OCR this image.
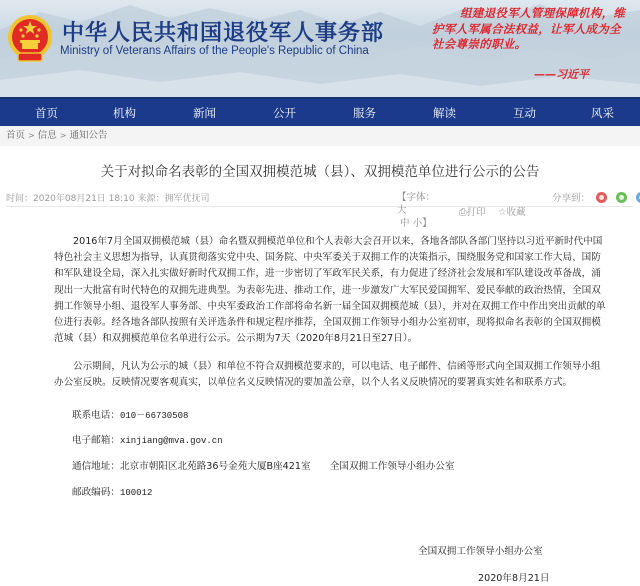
中华人民共和国退役军人事务部
Ministry of Veterans Affairs of the People's Republic of China
组建退役军人管理保障机构，维护军人军属合法权益，让军人成为全社会尊崇的职业。
——习近平
首页	机构	新闻	公开	服务	解读	互动	风采
首页 > 信息 > 通知公告
关于对拟命名表彰的全国双拥模范城（县）、双拥模范单位进行公示的公告
时间：2020年08月21日 18:10 来源：拥军优抚司	【字体：大
中 小】
⎙打印 ☆收藏
分享到：
2016年7月全国双拥模范城（县）命名暨双拥模范单位和个人表彰大会召开以来，各地各部队各部门坚持以习近平新时代中国特色社会主义思想为指导，认真贯彻落实党中央、国务院、中央军委关于双拥工作的决策指示，围绕服务党和国家工作大局、国防和军队建设全局，深入扎实做好新时代双拥工作，进一步密切了军政军民关系，有力促进了经济社会发展和军队建设改革备战，涌现出一大批富有时代特色的双拥先进典型。为表彰先进、推动工作，进一步激发广大军民爱国拥军、爱民奉献的政治热情，全国双拥工作领导小组、退役军人事务部、中央军委政治工作部将命名新一届全国双拥模范城（县），并对在双拥工作中作出突出贡献的单位进行表彰。经各地各部队按照有关评选条件和规定程序推荐，全国双拥工作领导小组办公室初审，现将拟命名表彰的全国双拥模范城（县）和双拥模范单位名单进行公示。公示期为7天（2020年8月21日至27日）。
公示期间，凡认为公示的城（县）和单位不符合双拥模范要求的，可以电话、电子邮件、信函等形式向全国双拥工作领导小组办公室反映。反映情况要客观真实，以单位名义反映情况的要加盖公章，以个人名义反映情况的要署真实姓名和联系方式。
联系电话：010－66730508
电子邮箱：xinjiang@mva.gov.cn
通信地址：北京市朝阳区北苑路36号金苑大厦B座421室　　全国双拥工作领导小组办公室
邮政编码：100012
全国双拥工作领导小组办公室
2020年8月21日
